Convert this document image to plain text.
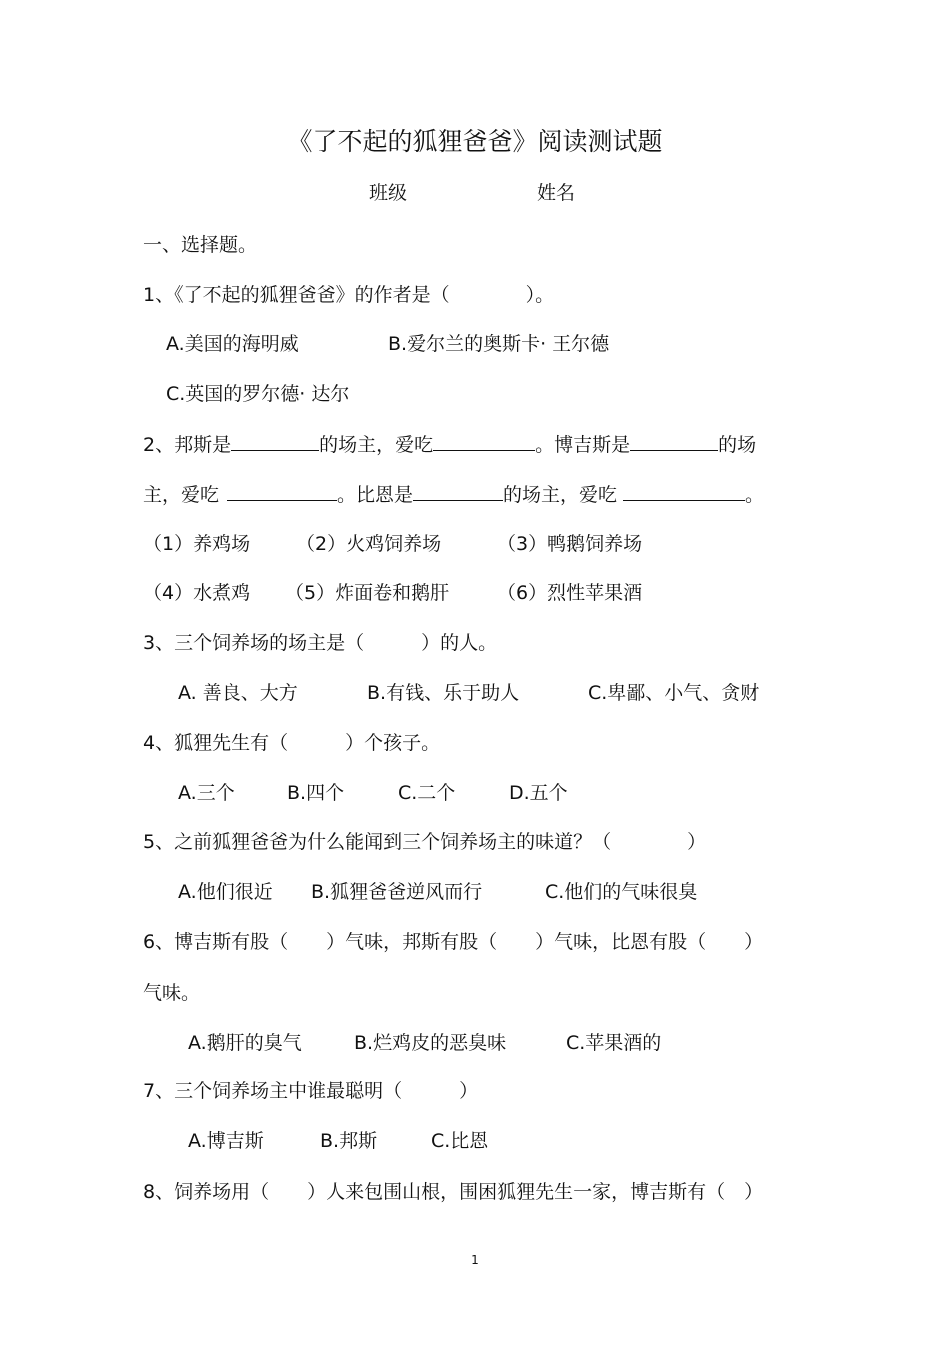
《了不起的狐狸爸爸》阅读测试题
班级	姓名
一、选择题。
1、《了不起的狐狸爸爸》的作者是（　　　　）。
A.美国的海明威	B.爱尔兰的奥斯卡· 王尔德
C.英国的罗尔德· 达尔
2、邦斯是	的场主，爱吃	。博吉斯是	的场
主，爱吃	。比恩是	的场主，爱吃	。
（1）养鸡场 （2）火鸡饲养场	（3）鸭鹅饲养场
（4）水煮鸡 （5）炸面卷和鹅肝	（6）烈性苹果酒
3、三个饲养场的场主是（　　　）的人。
A. 善良、大方	B.有钱、乐于助人	C.卑鄙、小气、贪财
4、狐狸先生有（　　　）个孩子。
A.三个	B.四个	C.二个	D.五个
5、之前狐狸爸爸为什么能闻到三个饲养场主的味道？（　　　　）
A.他们很近 B.狐狸爸爸逆风而行	C.他们的气味很臭
6、博吉斯有股（　　）气味，邦斯有股（　　）气味，比恩有股（　　）
气味。
A.鹅肝的臭气	B.烂鸡皮的恶臭味	C.苹果酒的
7、三个饲养场主中谁最聪明（　　　）
A.博吉斯	B.邦斯	C.比恩
8、饲养场用（　　）人来包围山根，围困狐狸先生一家，博吉斯有（　）
1
